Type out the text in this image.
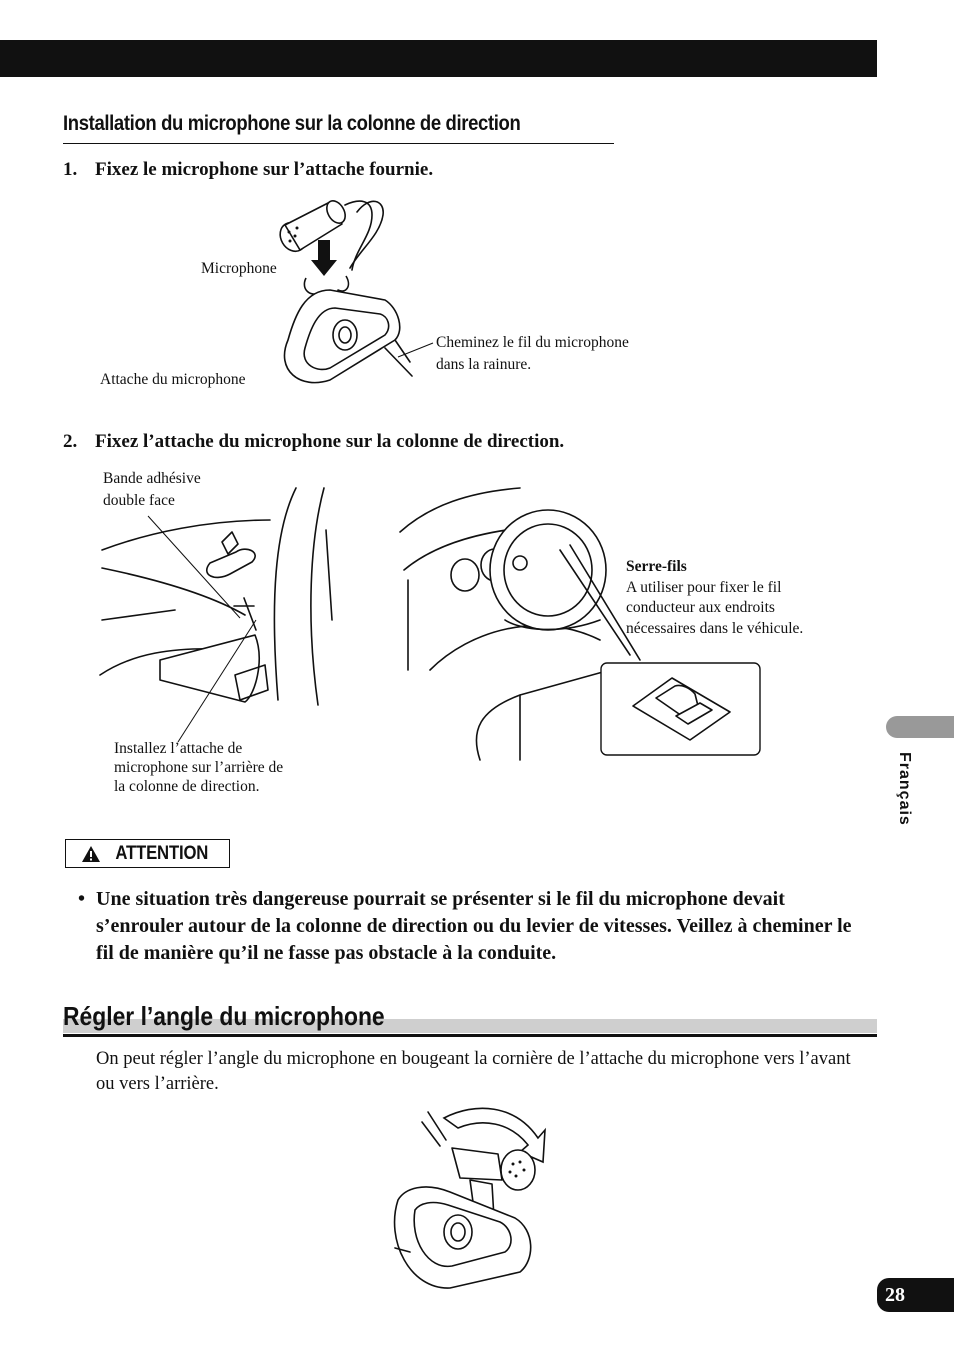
Installation du microphone sur la colonne de direction
1. Fixez le microphone sur l’attache fournie.
Microphone
Attache du microphone
Cheminez le fil du microphone
dans la rainure.
2. Fixez l’attache du microphone sur la colonne de direction.
Bande adhésive
double face
Installez l’attache de
microphone sur l’arrière de
la colonne de direction.
Serre-fils
A utiliser pour fixer le fil
conducteur aux endroits
nécessaires dans le véhicule.
ATTENTION
• Une situation très dangereuse pourrait se présenter si le fil du microphone devait s’enrouler autour de la colonne de direction ou du levier de vitesses. Veillez à cheminer le fil de manière qu’il ne fasse pas obstacle à la conduite.
Régler l’angle du microphone
On peut régler l’angle du microphone en bougeant la cornière de l’attache du microphone vers l’avant ou vers l’arrière.
Français
28
